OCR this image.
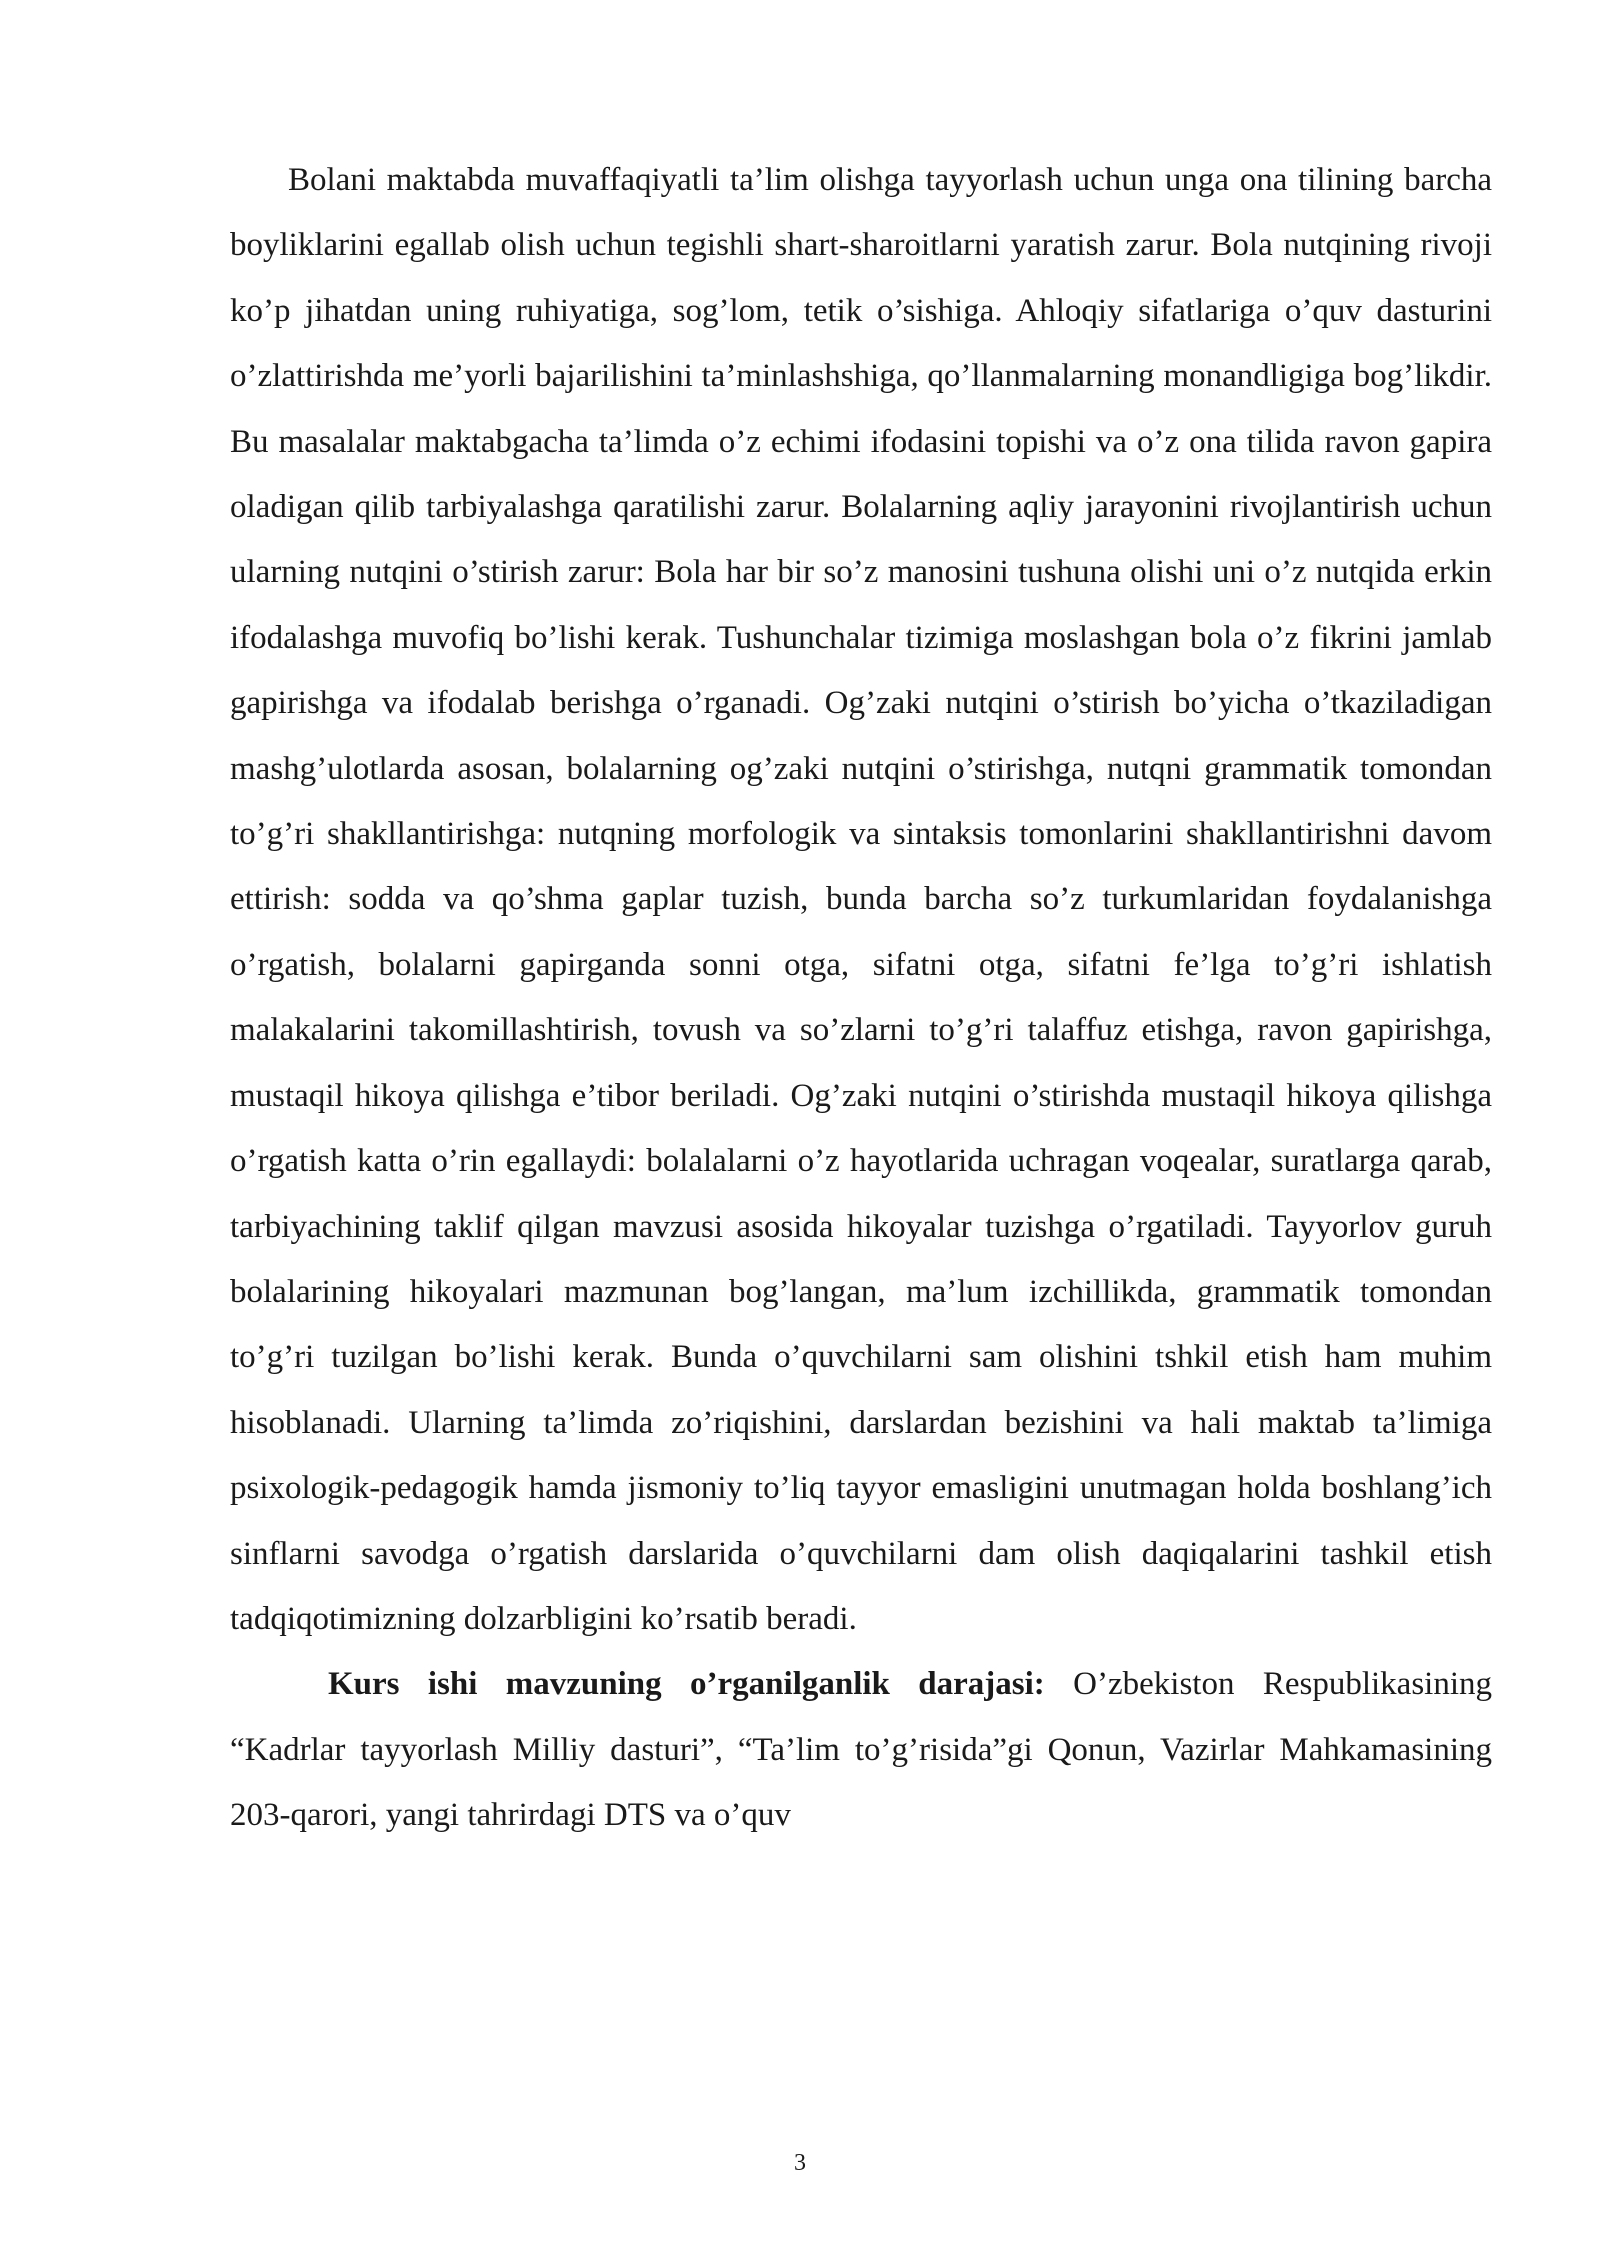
Bolani maktabda muvaffaqiyatli ta’lim olishga tayyorlash uchun unga ona tilining barcha boyliklarini egallab olish uchun tegishli shart-sharoitlarni yaratish zarur. Bola nutqining rivoji ko’p jihatdan uning ruhiyatiga, sog’lom, tetik o’sishiga. Ahloqiy sifatlariga o’quv dasturini o’zlattirishda me’yorli bajarilishini ta’minlashshiga, qo’llanmalarning monandligiga bog’likdir. Bu masalalar maktabgacha ta’limda o’z echimi ifodasini topishi va o’z ona tilida ravon gapira oladigan qilib tarbiyalashga qaratilishi zarur. Bolalarning aqliy jarayonini rivojlantirish uchun ularning nutqini o’stirish zarur: Bola har bir so’z manosini tushuna olishi uni o’z nutqida erkin ifodalashga muvofiq bo’lishi kerak. Tushunchalar tizimiga moslashgan bola o’z fikrini jamlab gapirishga va ifodalab berishga o’rganadi. Og’zaki nutqini o’stirish bo’yicha o’tkaziladigan mashg’ulotlarda asosan, bolalarning og’zaki nutqini o’stirishga, nutqni grammatik tomondan to’g’ri shakllantirishga: nutqning morfologik va sintaksis tomonlarini shakllantirishni davom ettirish: sodda va qo’shma gaplar tuzish, bunda barcha so’z turkumlaridan foydalanishga o’rgatish, bolalarni gapirganda sonni otga, sifatni otga, sifatni fe’lga to’g’ri ishlatish malakalarini takomillashtirish, tovush va so’zlarni to’g’ri talaffuz etishga, ravon gapirishga, mustaqil hikoya qilishga e’tibor beriladi. Og’zaki nutqini o’stirishda mustaqil hikoya qilishga o’rgatish katta o’rin egallaydi: bolalalarni o’z hayotlarida uchragan voqealar, suratlarga qarab, tarbiyachining taklif qilgan mavzusi asosida hikoyalar tuzishga o’rgatiladi. Tayyorlov guruh bolalarining hikoyalari mazmunan bog’langan, ma’lum izchillikda, grammatik tomondan to’g’ri tuzilgan bo’lishi kerak. Bunda o’quvchilarni sam olishini tshkil etish ham muhim hisoblanadi. Ularning ta’limda zo’riqishini, darslardan bezishini va hali maktab ta’limiga psixologik-pedagogik hamda jismoniy to’liq tayyor emasligini unutmagan holda boshlang’ich sinflarni savodga o’rgatish darslarida o’quvchilarni dam olish daqiqalarini tashkil etish tadqiqotimizning dolzarbligini ko’rsatib beradi.

Kurs ishi mavzuning o’rganilganlik darajasi: O’zbekiston Respublikasining “Kadrlar tayyorlash Milliy dasturi”, “Ta’lim to’g’risida”gi Qonun, Vazirlar Mahkamasining 203-qarori, yangi tahrirdagi DTS va o’quv

3
